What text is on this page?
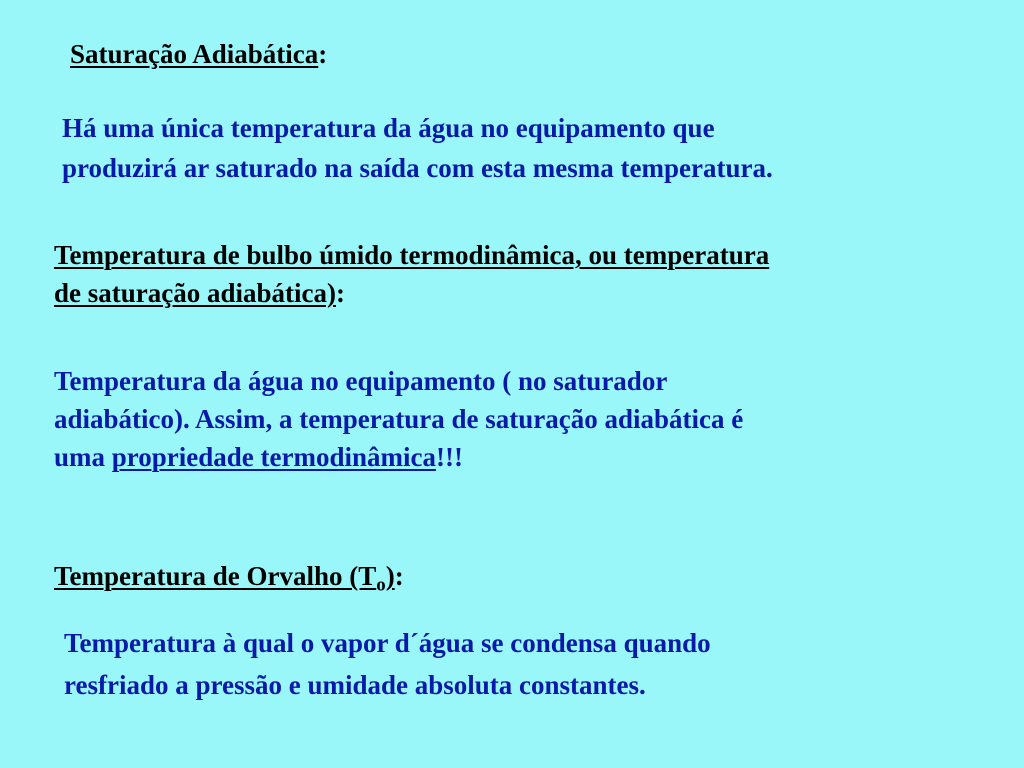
Saturação Adiabática:
Há uma única temperatura da água no equipamento que
produzirá ar saturado na saída com esta mesma temperatura.
Temperatura de bulbo úmido termodinâmica, ou temperatura
de saturação adiabática):
Temperatura da água no equipamento ( no saturador
adiabático). Assim, a temperatura de saturação adiabática é
uma propriedade termodinâmica!!!
Temperatura de Orvalho $(T_o)$:
Temperatura à qual o vapor d´água se condensa quando
resfriado a pressão e umidade absoluta constantes.
